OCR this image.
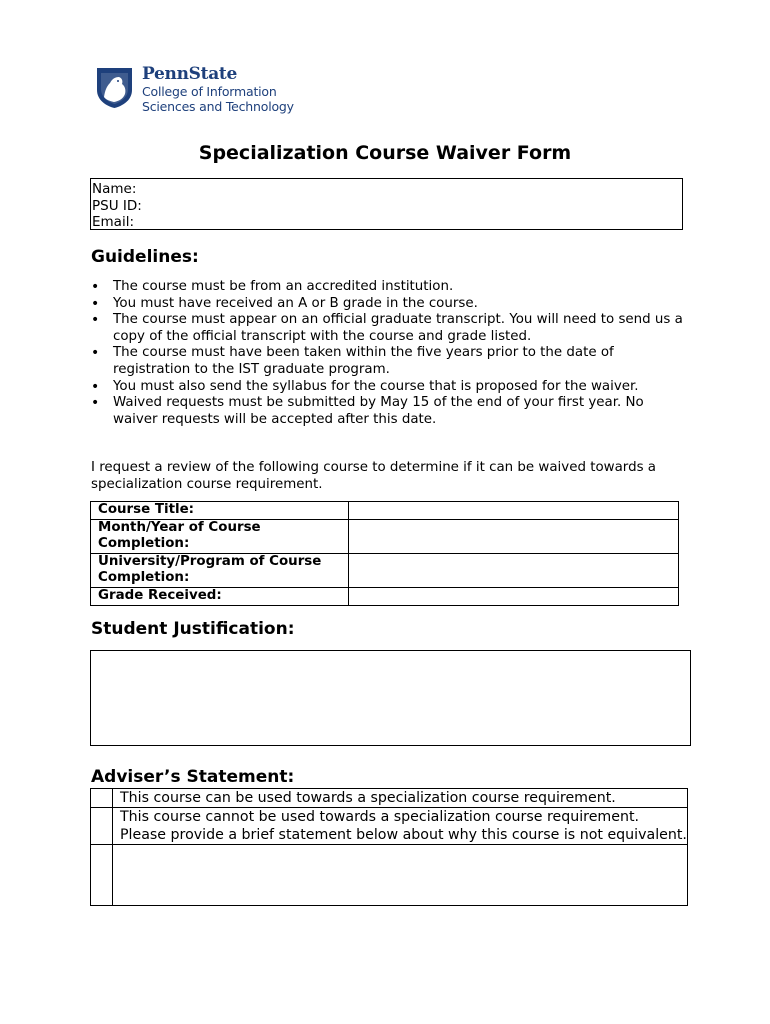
PennState
College of Information
Sciences and Technology
Specialization Course Waiver Form
Name:
PSU ID:
Email:
Guidelines:
• The course must be from an accredited institution.
• You must have received an A or B grade in the course.
• The course must appear on an official graduate transcript. You will need to send us a copy of the official transcript with the course and grade listed.
• The course must have been taken within the five years prior to the date of registration to the IST graduate program.
• You must also send the syllabus for the course that is proposed for the waiver.
• Waived requests must be submitted by May 15 of the end of your first year. No waiver requests will be accepted after this date.
I request a review of the following course to determine if it can be waived towards a specialization course requirement.
Course Title:	
Month/Year of Course Completion:	
University/Program of Course Completion:	
Grade Received:	
Student Justification:
Adviser’s Statement:
	This course can be used towards a specialization course requirement.
	This course cannot be used towards a specialization course requirement. Please provide a brief statement below about why this course is not equivalent.
